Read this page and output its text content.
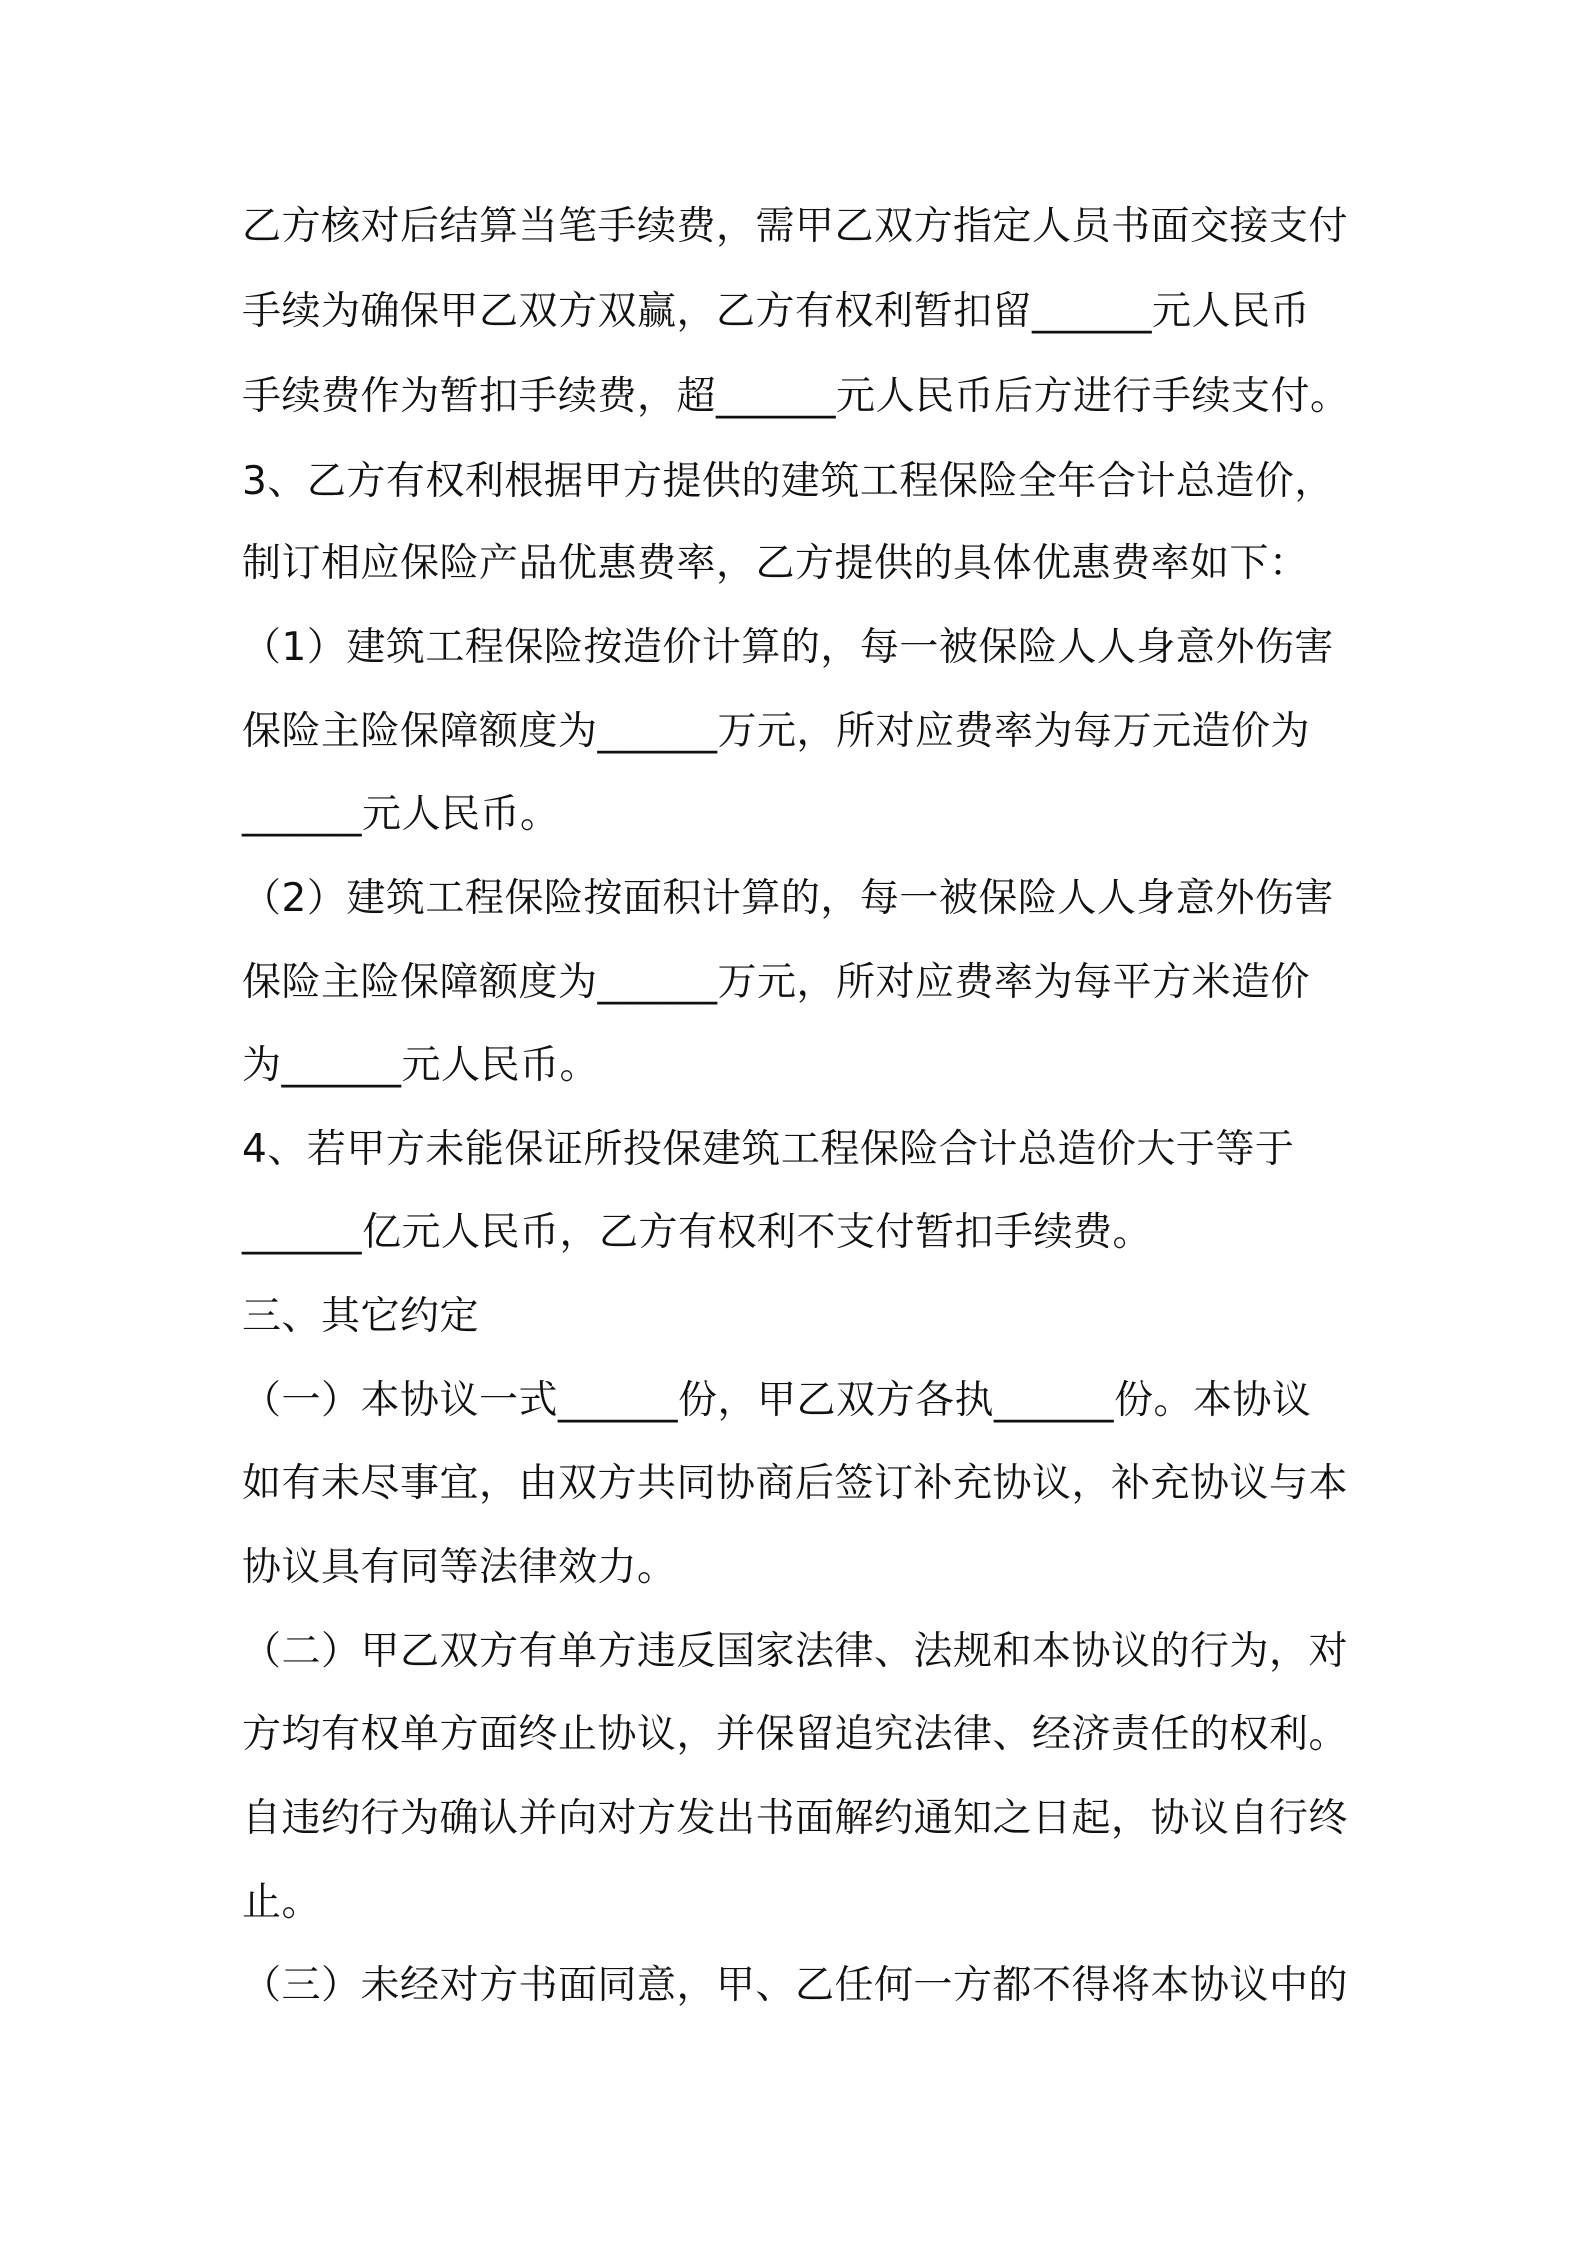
乙方核对后结算当笔手续费，需甲乙双方指定人员书面交接支付
手续为确保甲乙双方双赢，乙方有权利暂扣留______元人民币
手续费作为暂扣手续费，超______元人民币后方进行手续支付。
3、乙方有权利根据甲方提供的建筑工程保险全年合计总造价，
制订相应保险产品优惠费率，乙方提供的具体优惠费率如下：
（1）建筑工程保险按造价计算的，每一被保险人人身意外伤害
保险主险保障额度为______万元，所对应费率为每万元造价为
______元人民币。
（2）建筑工程保险按面积计算的，每一被保险人人身意外伤害
保险主险保障额度为______万元，所对应费率为每平方米造价
为______元人民币。
4、若甲方未能保证所投保建筑工程保险合计总造价大于等于
______亿元人民币，乙方有权利不支付暂扣手续费。
三、其它约定
（一）本协议一式______份，甲乙双方各执______份。本协议
如有未尽事宜，由双方共同协商后签订补充协议，补充协议与本
协议具有同等法律效力。
（二）甲乙双方有单方违反国家法律、法规和本协议的行为，对
方均有权单方面终止协议，并保留追究法律、经济责任的权利。
自违约行为确认并向对方发出书面解约通知之日起，协议自行终
止。
（三）未经对方书面同意，甲、乙任何一方都不得将本协议中的
